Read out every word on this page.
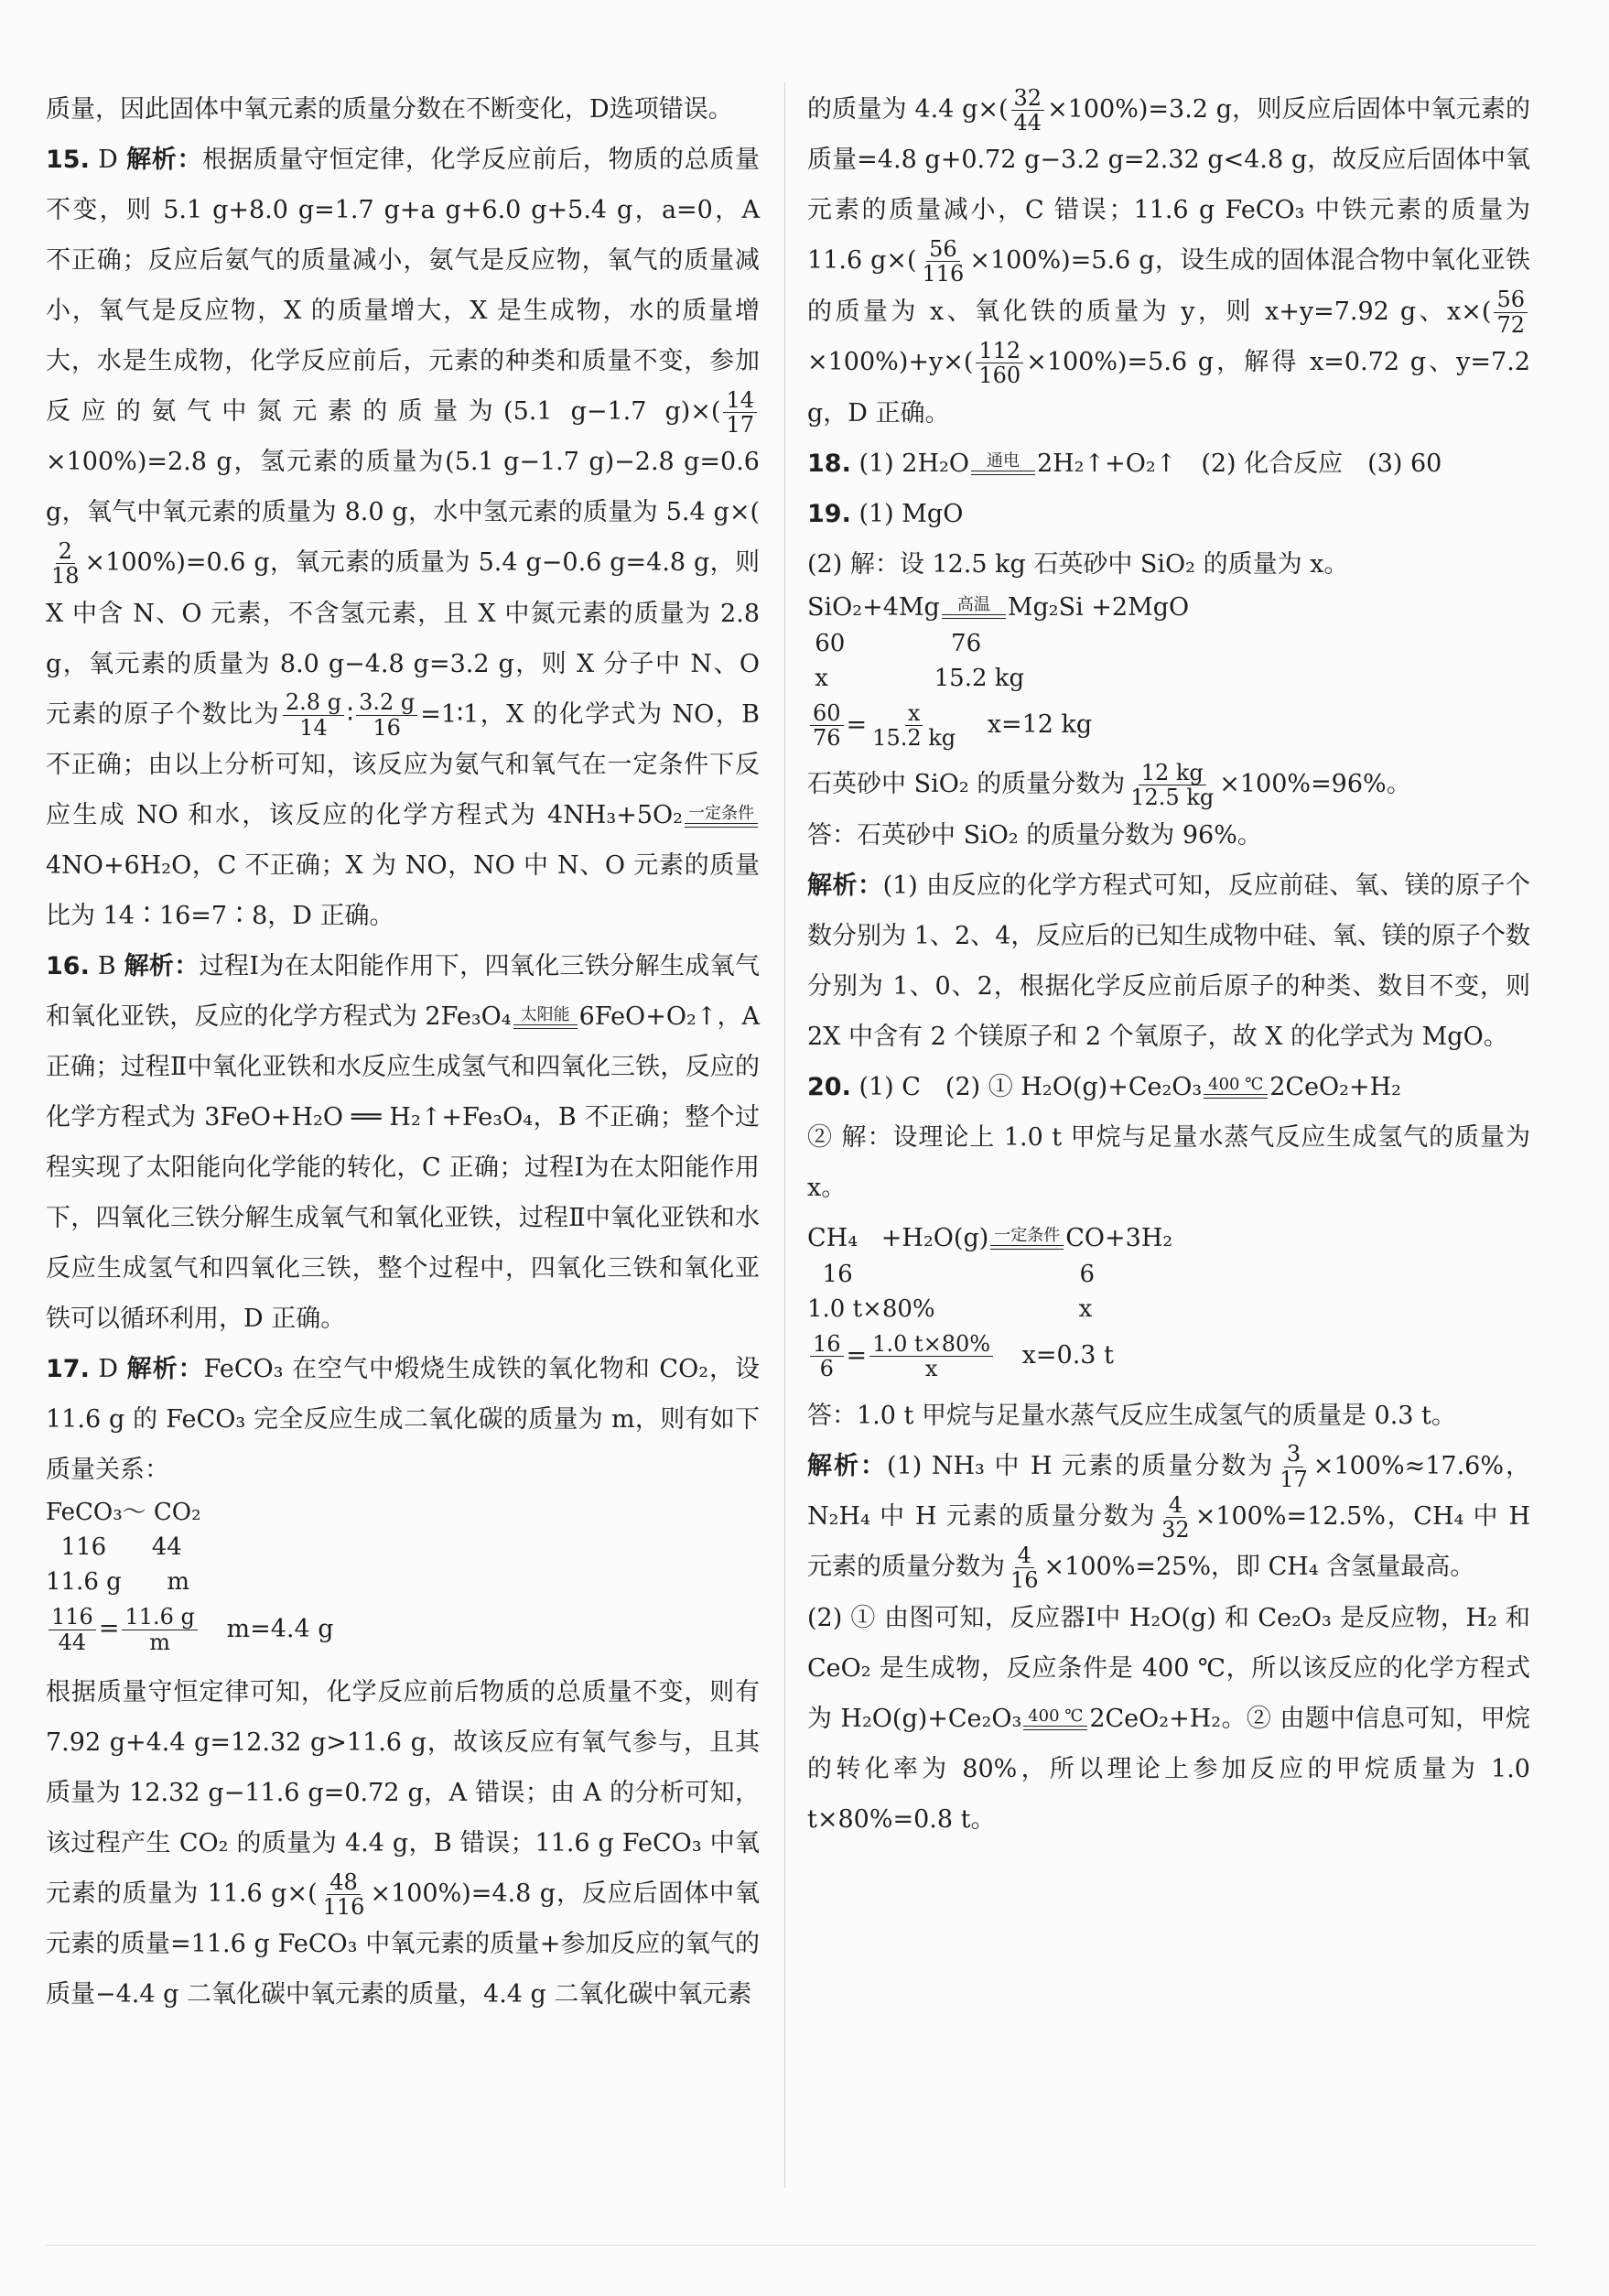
质量，因此固体中氧元素的质量分数在不断变化，D选项错误。

15. D 解析：根据质量守恒定律，化学反应前后，物质的总质量不变，则 5.1 g+8.0 g=1.7 g+a g+6.0 g+5.4 g，a=0，A 不正确；反应后氨气的质量减小，氨气是反应物，氧气的质量减小，氧气是反应物，X 的质量增大，X 是生成物，水的质量增大，水是生成物，化学反应前后，元素的种类和质量不变，参加反应的氨气中氮元素的质量为(5.1 g−1.7 $g)\times( \frac{14}{17}$
×100%)=2.8 g，氢元素的质量为(5.1 g−1.7 g)−2.8 g=0.6 g，氧气中氧元素的质量为 8.0 g，水中氢元素的质量为 5.4 g×(
$\frac{2}{18} \times 100\%)=0.6$ g，氧元素的质量为 5.4 g−0.6 g=4.8 g，则 X 中含 N、O 元素，不含氢元素，且 X 中氮元素的质量为 2.8 g，氧元素的质量为 8.0 g−4.8 g=3.2 g，则 X 分子中 N、O 元素的原子个数比为 $\frac{2.8 g}{14}$ ∶ $\frac{3.2 g}{16}$ =1∶1，X 的化学式为 NO，B 不正确；由以上分析可知，该反应为氨气和氧气在一定条件下反应生成 NO 和水，该反应的化学方程式为 4NH₃+5O₂ 一定条件
4NO+6H₂O，C 不正确；X 为 NO，NO 中 N、O 元素的质量比为 14∶16=7∶8，D 正确。
16. B 解析：过程Ⅰ为在太阳能作用下，四氧化三铁分解生成氧气和氧化亚铁，反应的化学方程式为 2Fe₃O₄ 太阳能 6FeO+O₂↑，A 正确；过程Ⅱ中氧化亚铁和水反应生成氢气和四氧化三铁，反应的化学方程式为 3FeO+H₂O ══ H₂↑+Fe₃O₄，B 不正确；整个过程实现了太阳能向化学能的转化，C 正确；过程Ⅰ为在太阳能作用下，四氧化三铁分解生成氧气和氧化亚铁，过程Ⅱ中氧化亚铁和水反应生成氢气和四氧化三铁，整个过程中，四氧化三铁和氧化亚铁可以循环利用，D 正确。
17. D 解析：FeCO₃ 在空气中煅烧生成铁的氧化物和 CO₂，设 11.6 g 的 FeCO₃ 完全反应生成二氧化碳的质量为 m，则有如下质量关系：
FeCO₃～ CO₂
116      44
11.6 g      m
$\frac{116}{44} = \frac{11.6 g}{m} m=4.4$ g
根据质量守恒定律可知，化学反应前后物质的总质量不变，则有 7.92 g+4.4 g=12.32 g>11.6 g，故该反应有氧气参与，且其质量为 12.32 g−11.6 g=0.72 g，A 错误；由 A 的分析可知，该过程产生 CO₂ 的质量为 4.4 g，B 错误；11.6 g FeCO₃ 中氧元素的质量为 11.6 $g\times( \frac{48}{116} \times 100\%)=4.8$ g，反应后固体中氧元素的质量=11.6 g FeCO₃ 中氧元素的质量+参加反应的氧气的质量−4.4 g 二氧化碳中氧元素的质量，4.4 g 二氧化碳中氧元素
的质量为 4.4 $g\times( \frac{32}{44} \times 100\%)=3.2$ g，则反应后固体中氧元素的质量=4.8 g+0.72 g−3.2 g=2.32 g<4.8 g，故反应后固体中氧元素的质量减小，C 错误；11.6 g FeCO₃ 中铁元素的质量为 11.6 $g\times( \frac{56}{116} \times 100\%)=5.6$ g，设生成的固体混合物中氧化亚铁的质量为 x、氧化铁的质量为 y，则 x+y=7.92 g、$x\times( \frac{56}{72}$
$\times 100\%)+y\times( \frac{112}{160} \times 100\%)=5.6$ g，解得 x=0.72 g、y=7.2 g，D 正确。
18. (1) 2H₂O 通电 2H₂↑+O₂↑　(2) 化合反应　(3) 60
19. (1) MgO

(2) 解：设 12.5 kg 石英砂中 SiO₂ 的质量为 x。

SiO₂+4Mg 高温 Mg₂Si +2MgO
60              76
x              15.2 kg
$\frac{60}{76} = \frac{x}{15.2 kg} x=12$ kg
石英砂中 SiO₂ 的质量分数为 $\frac{12 kg}{12.5 kg} \times 100\%=96\%$。

答：石英砂中 SiO₂ 的质量分数为 96%。

解析：(1) 由反应的化学方程式可知，反应前硅、氧、镁的原子个数分别为 1、2、4，反应后的已知生成物中硅、氧、镁的原子个数分别为 1、0、2，根据化学反应前后原子的种类、数目不变，则 2X 中含有 2 个镁原子和 2 个氧原子，故 X 的化学式为 MgO。
20. (1) C　(2) ① H₂O(g)+Ce₂O₃ 400 ℃ 2CeO₂+H₂

② 解：设理论上 1.0 t 甲烷与足量水蒸气反应生成氢气的质量为 x。

CH₄   +H₂O(g) 一定条件 CO+3H₂
16                              6
1.0 t×80%                   x
$\frac{16}{6} = \frac{1.0 t\times 80\%}{x} x=0.3$ t

答：1.0 t 甲烷与足量水蒸气反应生成氢气的质量是 0.3 t。

解析：(1) NH₃ 中 H 元素的质量分数为 $\frac{3}{17} \times 100\%\approx 17.6\%$，N₂H₄ 中 H 元素的质量分数为 $\frac{4}{32} \times 100\%=12.5\%$，CH₄ 中 H 元素的质量分数为 $\frac{4}{16} \times 100\%=25\%$，即 CH₄ 含氢量最高。
(2) ① 由图可知，反应器Ⅰ中 H₂O(g) 和 Ce₂O₃ 是反应物，H₂ 和 CeO₂ 是生成物，反应条件是 400 ℃，所以该反应的化学方程式为 H₂O(g)+Ce₂O₃ 400 ℃ 2CeO₂+H₂。② 由题中信息可知，甲烷的转化率为 80%，所以理论上参加反应的甲烷质量为 1.0 t×80%=0.8 t。
